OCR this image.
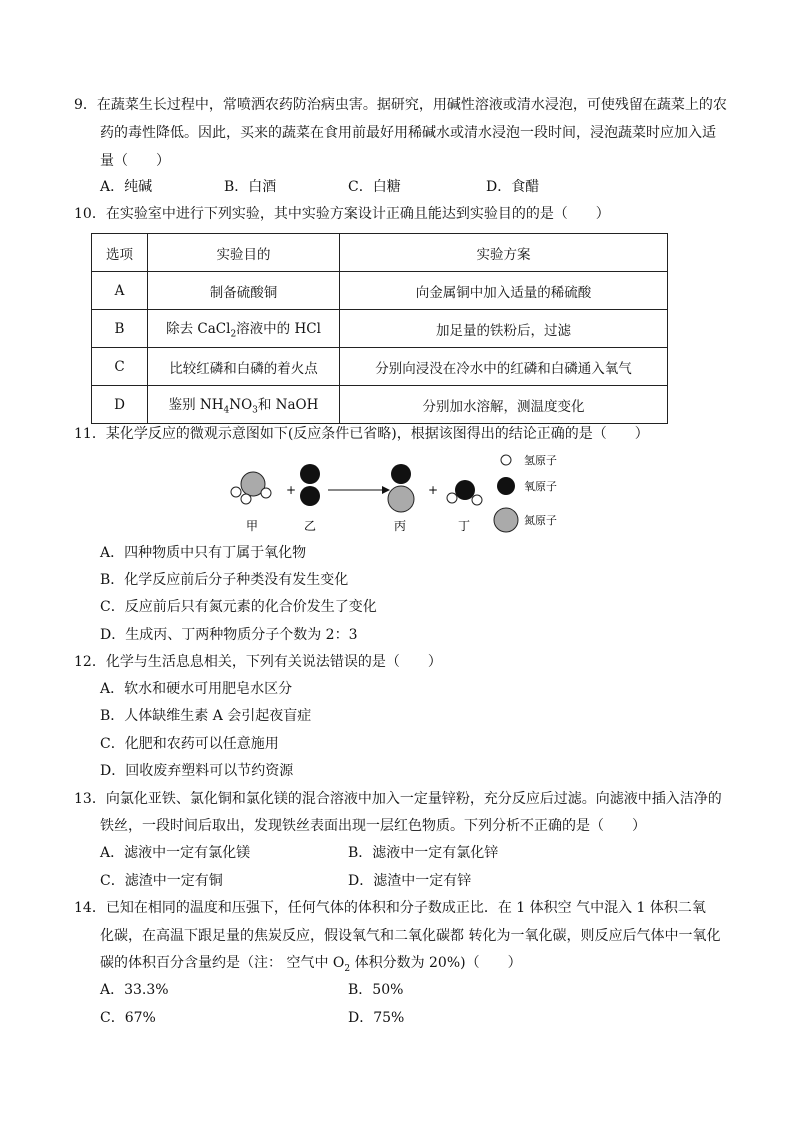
9．在蔬菜生长过程中，常喷洒农药防治病虫害。据研究，用碱性溶液或清水浸泡，可使残留在蔬菜上的农
药的毒性降低。因此，买来的蔬菜在食用前最好用稀碱水或清水浸泡一段时间，浸泡蔬菜时应加入适
量（　　）
A．纯碱	B．白酒	C．白糖	D．食醋
10．在实验室中进行下列实验，其中实验方案设计正确且能达到实验目的的是（　　）
选项	实验目的	实验方案
A	制备硫酸铜	向金属铜中加入适量的稀硫酸
B	除去 CaCl$_2$溶液中的 HCl	加足量的铁粉后，过滤
C	比较红磷和白磷的着火点	分别向浸没在冷水中的红磷和白磷通入氧气
D	鉴别 $NH_4NO_3$和 NaOH	分别加水溶解，测温度变化
11．某化学反应的微观示意图如下(反应条件已省略)，根据该图得出的结论正确的是（　　）
+	+
甲	乙	丙	丁
氢原子
氧原子
氮原子
A．四种物质中只有丁属于氧化物
B．化学反应前后分子种类没有发生变化
C．反应前后只有氮元素的化合价发生了变化
D．生成丙、丁两种物质分子个数为 2：3
12．化学与生活息息相关，下列有关说法错误的是（　　）
A．软水和硬水可用肥皂水区分
B．人体缺维生素 A 会引起夜盲症
C．化肥和农药可以任意施用
D．回收废弃塑料可以节约资源
13．向氯化亚铁、氯化铜和氯化镁的混合溶液中加入一定量锌粉，充分反应后过滤。向滤液中插入洁净的
铁丝，一段时间后取出，发现铁丝表面出现一层红色物质。下列分析不正确的是（　　）
A．滤液中一定有氯化镁	B．滤液中一定有氯化锌
C．滤渣中一定有铜	D．滤渣中一定有锌
14．已知在相同的温度和压强下，任何气体的体积和分子数成正比．在 1 体积空 气中混入 1 体积二氧
化碳，在高温下跟足量的焦炭反应，假设氧气和二氧化碳都 转化为一氧化碳，则反应后气体中一氧化
碳的体积百分含量约是（注： 空气中 $O_2$ 体积分数为 20%)（　　）
A．33.3%	B．50%
C．67%	D．75%
